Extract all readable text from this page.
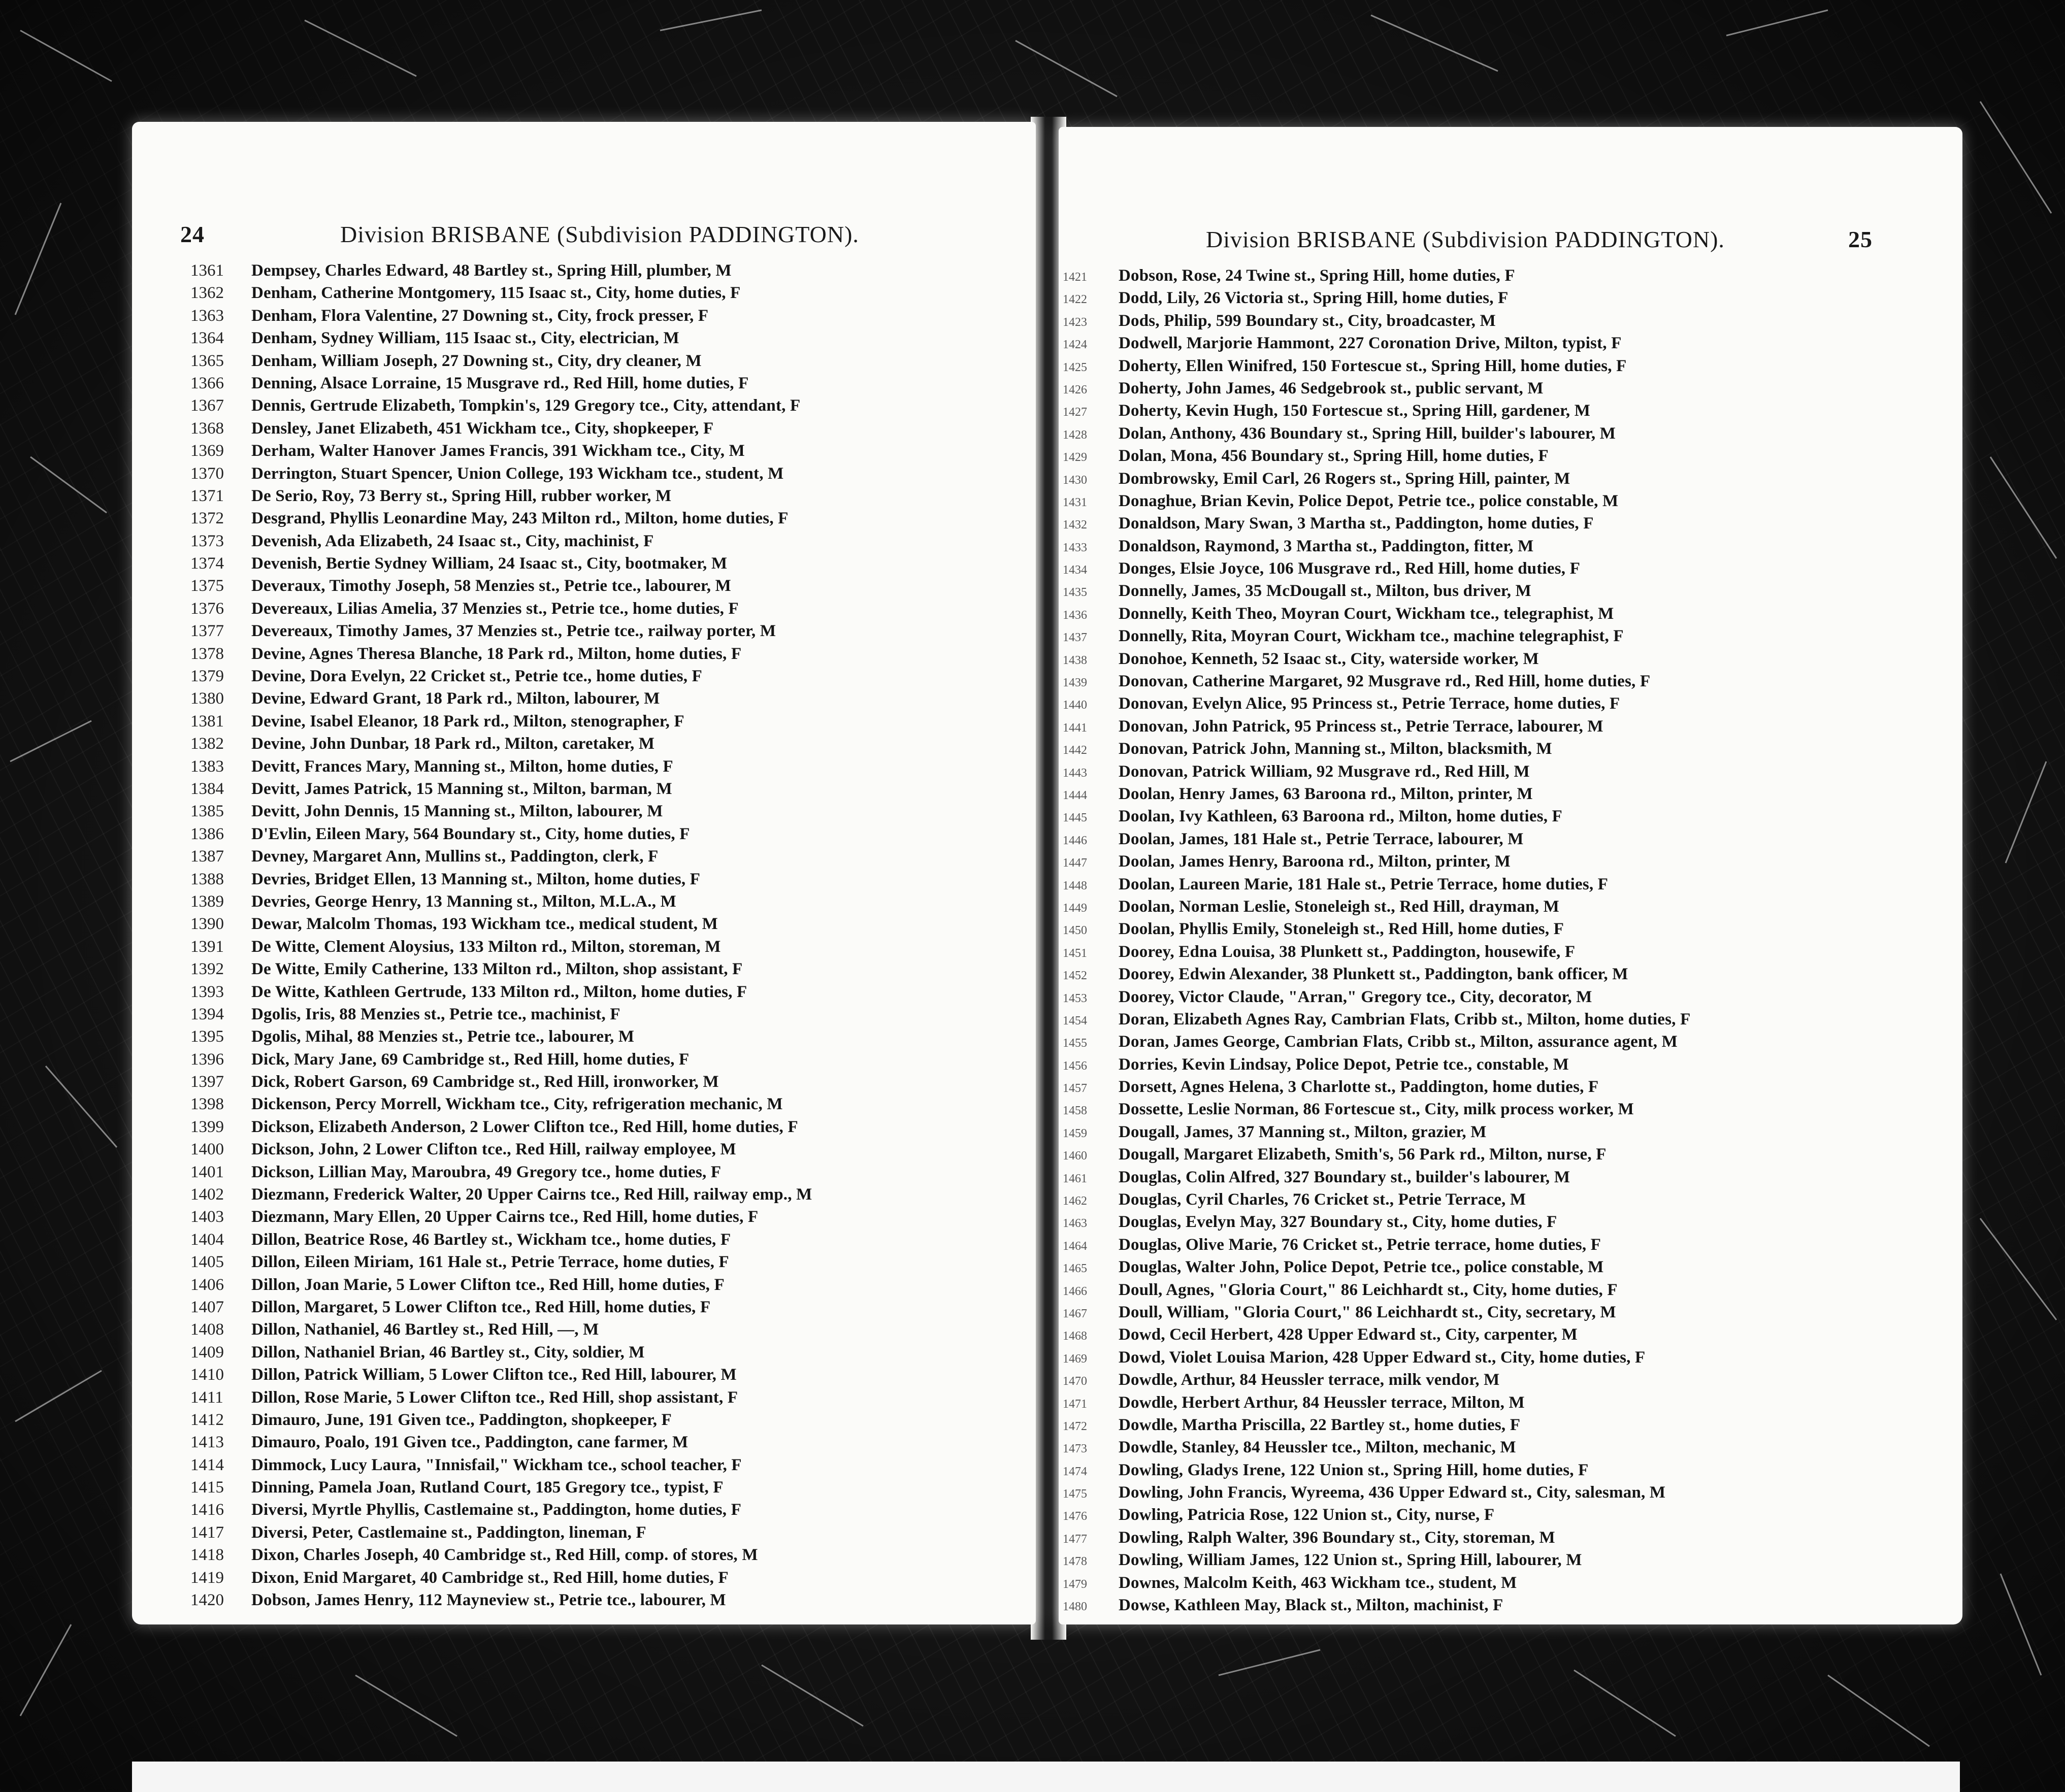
24	Division BRISBANE (Subdivision PADDINGTON).
1361	Dempsey, Charles Edward, 48 Bartley st., Spring Hill, plumber, M
1362	Denham, Catherine Montgomery, 115 Isaac st., City, home duties, F
1363	Denham, Flora Valentine, 27 Downing st., City, frock presser, F
1364	Denham, Sydney William, 115 Isaac st., City, electrician, M
1365	Denham, William Joseph, 27 Downing st., City, dry cleaner, M
1366	Denning, Alsace Lorraine, 15 Musgrave rd., Red Hill, home duties, F
1367	Dennis, Gertrude Elizabeth, Tompkin's, 129 Gregory tce., City, attendant, F
1368	Densley, Janet Elizabeth, 451 Wickham tce., City, shopkeeper, F
1369	Derham, Walter Hanover James Francis, 391 Wickham tce., City, M
1370	Derrington, Stuart Spencer, Union College, 193 Wickham tce., student, M
1371	De Serio, Roy, 73 Berry st., Spring Hill, rubber worker, M
1372	Desgrand, Phyllis Leonardine May, 243 Milton rd., Milton, home duties, F
1373	Devenish, Ada Elizabeth, 24 Isaac st., City, machinist, F
1374	Devenish, Bertie Sydney William, 24 Isaac st., City, bootmaker, M
1375	Deveraux, Timothy Joseph, 58 Menzies st., Petrie tce., labourer, M
1376	Devereaux, Lilias Amelia, 37 Menzies st., Petrie tce., home duties, F
1377	Devereaux, Timothy James, 37 Menzies st., Petrie tce., railway porter, M
1378	Devine, Agnes Theresa Blanche, 18 Park rd., Milton, home duties, F
1379	Devine, Dora Evelyn, 22 Cricket st., Petrie tce., home duties, F
1380	Devine, Edward Grant, 18 Park rd., Milton, labourer, M
1381	Devine, Isabel Eleanor, 18 Park rd., Milton, stenographer, F
1382	Devine, John Dunbar, 18 Park rd., Milton, caretaker, M
1383	Devitt, Frances Mary, Manning st., Milton, home duties, F
1384	Devitt, James Patrick, 15 Manning st., Milton, barman, M
1385	Devitt, John Dennis, 15 Manning st., Milton, labourer, M
1386	D'Evlin, Eileen Mary, 564 Boundary st., City, home duties, F
1387	Devney, Margaret Ann, Mullins st., Paddington, clerk, F
1388	Devries, Bridget Ellen, 13 Manning st., Milton, home duties, F
1389	Devries, George Henry, 13 Manning st., Milton, M.L.A., M
1390	Dewar, Malcolm Thomas, 193 Wickham tce., medical student, M
1391	De Witte, Clement Aloysius, 133 Milton rd., Milton, storeman, M
1392	De Witte, Emily Catherine, 133 Milton rd., Milton, shop assistant, F
1393	De Witte, Kathleen Gertrude, 133 Milton rd., Milton, home duties, F
1394	Dgolis, Iris, 88 Menzies st., Petrie tce., machinist, F
1395	Dgolis, Mihal, 88 Menzies st., Petrie tce., labourer, M
1396	Dick, Mary Jane, 69 Cambridge st., Red Hill, home duties, F
1397	Dick, Robert Garson, 69 Cambridge st., Red Hill, ironworker, M
1398	Dickenson, Percy Morrell, Wickham tce., City, refrigeration mechanic, M
1399	Dickson, Elizabeth Anderson, 2 Lower Clifton tce., Red Hill, home duties, F
1400	Dickson, John, 2 Lower Clifton tce., Red Hill, railway employee, M
1401	Dickson, Lillian May, Maroubra, 49 Gregory tce., home duties, F
1402	Diezmann, Frederick Walter, 20 Upper Cairns tce., Red Hill, railway emp., M
1403	Diezmann, Mary Ellen, 20 Upper Cairns tce., Red Hill, home duties, F
1404	Dillon, Beatrice Rose, 46 Bartley st., Wickham tce., home duties, F
1405	Dillon, Eileen Miriam, 161 Hale st., Petrie Terrace, home duties, F
1406	Dillon, Joan Marie, 5 Lower Clifton tce., Red Hill, home duties, F
1407	Dillon, Margaret, 5 Lower Clifton tce., Red Hill, home duties, F
1408	Dillon, Nathaniel, 46 Bartley st., Red Hill, —, M
1409	Dillon, Nathaniel Brian, 46 Bartley st., City, soldier, M
1410	Dillon, Patrick William, 5 Lower Clifton tce., Red Hill, labourer, M
1411	Dillon, Rose Marie, 5 Lower Clifton tce., Red Hill, shop assistant, F
1412	Dimauro, June, 191 Given tce., Paddington, shopkeeper, F
1413	Dimauro, Poalo, 191 Given tce., Paddington, cane farmer, M
1414	Dimmock, Lucy Laura, "Innisfail," Wickham tce., school teacher, F
1415	Dinning, Pamela Joan, Rutland Court, 185 Gregory tce., typist, F
1416	Diversi, Myrtle Phyllis, Castlemaine st., Paddington, home duties, F
1417	Diversi, Peter, Castlemaine st., Paddington, lineman, F
1418	Dixon, Charles Joseph, 40 Cambridge st., Red Hill, comp. of stores, M
1419	Dixon, Enid Margaret, 40 Cambridge st., Red Hill, home duties, F
1420	Dobson, James Henry, 112 Mayneview st., Petrie tce., labourer, M
Division BRISBANE (Subdivision PADDINGTON).	25
1421	Dobson, Rose, 24 Twine st., Spring Hill, home duties, F
1422	Dodd, Lily, 26 Victoria st., Spring Hill, home duties, F
1423	Dods, Philip, 599 Boundary st., City, broadcaster, M
1424	Dodwell, Marjorie Hammont, 227 Coronation Drive, Milton, typist, F
1425	Doherty, Ellen Winifred, 150 Fortescue st., Spring Hill, home duties, F
1426	Doherty, John James, 46 Sedgebrook st., public servant, M
1427	Doherty, Kevin Hugh, 150 Fortescue st., Spring Hill, gardener, M
1428	Dolan, Anthony, 436 Boundary st., Spring Hill, builder's labourer, M
1429	Dolan, Mona, 456 Boundary st., Spring Hill, home duties, F
1430	Dombrowsky, Emil Carl, 26 Rogers st., Spring Hill, painter, M
1431	Donaghue, Brian Kevin, Police Depot, Petrie tce., police constable, M
1432	Donaldson, Mary Swan, 3 Martha st., Paddington, home duties, F
1433	Donaldson, Raymond, 3 Martha st., Paddington, fitter, M
1434	Donges, Elsie Joyce, 106 Musgrave rd., Red Hill, home duties, F
1435	Donnelly, James, 35 McDougall st., Milton, bus driver, M
1436	Donnelly, Keith Theo, Moyran Court, Wickham tce., telegraphist, M
1437	Donnelly, Rita, Moyran Court, Wickham tce., machine telegraphist, F
1438	Donohoe, Kenneth, 52 Isaac st., City, waterside worker, M
1439	Donovan, Catherine Margaret, 92 Musgrave rd., Red Hill, home duties, F
1440	Donovan, Evelyn Alice, 95 Princess st., Petrie Terrace, home duties, F
1441	Donovan, John Patrick, 95 Princess st., Petrie Terrace, labourer, M
1442	Donovan, Patrick John, Manning st., Milton, blacksmith, M
1443	Donovan, Patrick William, 92 Musgrave rd., Red Hill, M
1444	Doolan, Henry James, 63 Baroona rd., Milton, printer, M
1445	Doolan, Ivy Kathleen, 63 Baroona rd., Milton, home duties, F
1446	Doolan, James, 181 Hale st., Petrie Terrace, labourer, M
1447	Doolan, James Henry, Baroona rd., Milton, printer, M
1448	Doolan, Laureen Marie, 181 Hale st., Petrie Terrace, home duties, F
1449	Doolan, Norman Leslie, Stoneleigh st., Red Hill, drayman, M
1450	Doolan, Phyllis Emily, Stoneleigh st., Red Hill, home duties, F
1451	Doorey, Edna Louisa, 38 Plunkett st., Paddington, housewife, F
1452	Doorey, Edwin Alexander, 38 Plunkett st., Paddington, bank officer, M
1453	Doorey, Victor Claude, "Arran," Gregory tce., City, decorator, M
1454	Doran, Elizabeth Agnes Ray, Cambrian Flats, Cribb st., Milton, home duties, F
1455	Doran, James George, Cambrian Flats, Cribb st., Milton, assurance agent, M
1456	Dorries, Kevin Lindsay, Police Depot, Petrie tce., constable, M
1457	Dorsett, Agnes Helena, 3 Charlotte st., Paddington, home duties, F
1458	Dossette, Leslie Norman, 86 Fortescue st., City, milk process worker, M
1459	Dougall, James, 37 Manning st., Milton, grazier, M
1460	Dougall, Margaret Elizabeth, Smith's, 56 Park rd., Milton, nurse, F
1461	Douglas, Colin Alfred, 327 Boundary st., builder's labourer, M
1462	Douglas, Cyril Charles, 76 Cricket st., Petrie Terrace, M
1463	Douglas, Evelyn May, 327 Boundary st., City, home duties, F
1464	Douglas, Olive Marie, 76 Cricket st., Petrie terrace, home duties, F
1465	Douglas, Walter John, Police Depot, Petrie tce., police constable, M
1466	Doull, Agnes, "Gloria Court," 86 Leichhardt st., City, home duties, F
1467	Doull, William, "Gloria Court," 86 Leichhardt st., City, secretary, M
1468	Dowd, Cecil Herbert, 428 Upper Edward st., City, carpenter, M
1469	Dowd, Violet Louisa Marion, 428 Upper Edward st., City, home duties, F
1470	Dowdle, Arthur, 84 Heussler terrace, milk vendor, M
1471	Dowdle, Herbert Arthur, 84 Heussler terrace, Milton, M
1472	Dowdle, Martha Priscilla, 22 Bartley st., home duties, F
1473	Dowdle, Stanley, 84 Heussler tce., Milton, mechanic, M
1474	Dowling, Gladys Irene, 122 Union st., Spring Hill, home duties, F
1475	Dowling, John Francis, Wyreema, 436 Upper Edward st., City, salesman, M
1476	Dowling, Patricia Rose, 122 Union st., City, nurse, F
1477	Dowling, Ralph Walter, 396 Boundary st., City, storeman, M
1478	Dowling, William James, 122 Union st., Spring Hill, labourer, M
1479	Downes, Malcolm Keith, 463 Wickham tce., student, M
1480	Dowse, Kathleen May, Black st., Milton, machinist, F
